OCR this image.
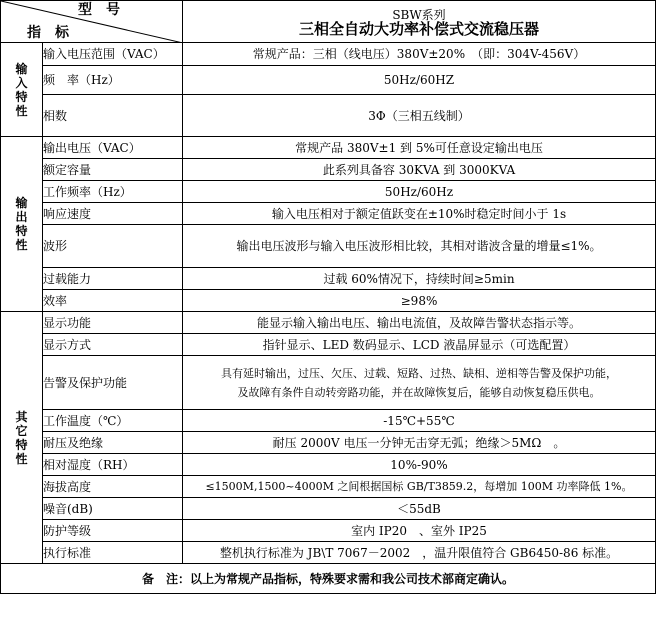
型号
指标		SBW系列
三相全自动大功率补偿式交流稳压器

输
入
特
性	输入电压范围（VAC）	常规产品：三相（线电压）380V±20%　（即：304V-456V）
	频　率（Hz）	50Hz/60HZ
	相数	3Φ（三相五线制）

输
出
特
性	输出电压（VAC）	常规产品 380V±1 到 5%可任意设定输出电压
	额定容量	此系列具备容 30KVA 到 3000KVA
	工作频率（Hz）	50Hz/60Hz
	响应速度	输入电压相对于额定值跃变在±10%时稳定时间小于 1s
	波形	输出电压波形与输入电压波形相比较，其相对谐波含量的增量≤1%。
	过载能力	过载 60%情况下，持续时间≥5min
	效率	≥98%

其
它
特
性	显示功能	能显示输入输出电压、输出电流值，及故障告警状态指示等。
	显示方式	指针显示、LED 数码显示、LCD 液晶屏显示（可选配置）
	告警及保护功能	具有延时输出，过压、欠压、过载、短路、过热、缺相、逆相等告警及保护功能，
及故障有条件自动转旁路功能，并在故障恢复后，能够自动恢复稳压供电。

	工作温度（℃）	-15℃+55℃
	耐压及绝缘	耐压 2000V 电压一分钟无击穿无弧；绝缘＞5MΩ　。
	相对湿度（RH）	10%-90%
	海拔高度	≤1500M,1500~4000M 之间根据国标 GB/T3859.2，每增加 100M 功率降低 1%。
	噪音(dB)	＜55dB
	防护等级	室内 IP20　、室外 IP25
	执行标准	整机执行标准为 JB\T 7067－2002　，温升限值符合 GB6450-86 标准。
备　注：以上为常规产品指标，特殊要求需和我公司技术部商定确认。		
